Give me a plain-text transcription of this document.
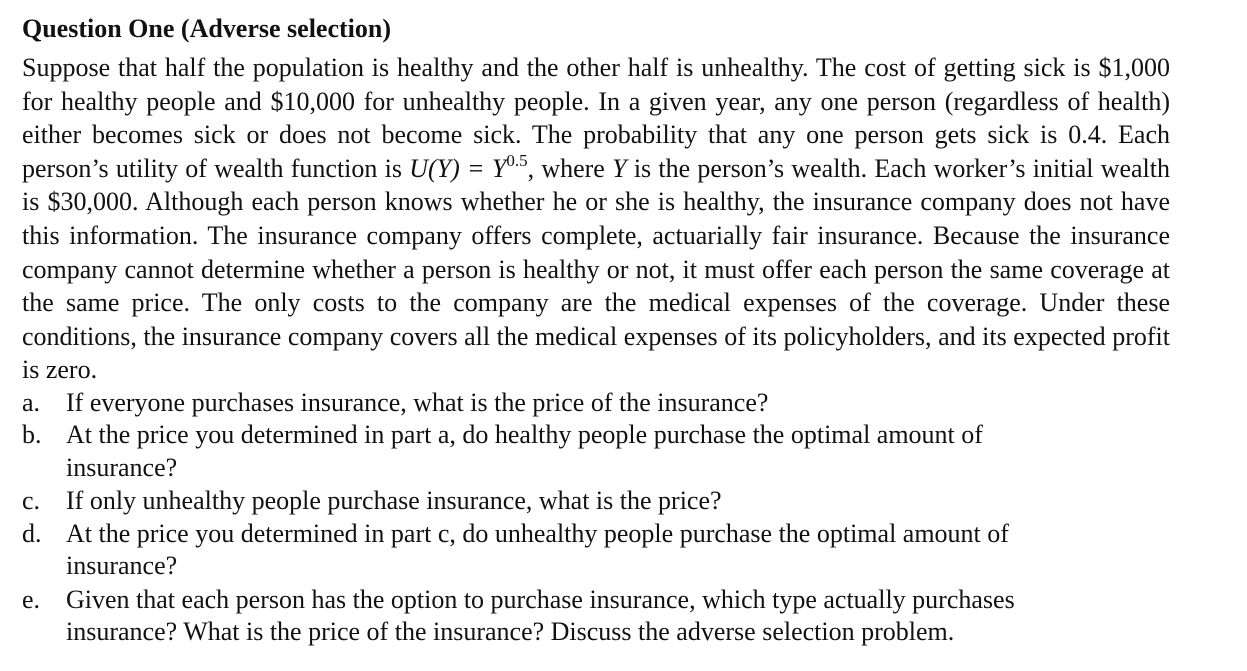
Question One (Adverse selection)

Suppose that half the population is healthy and the other half is unhealthy. The cost of getting sick is $1,000 for healthy people and $10,000 for unhealthy people. In a given year, any one person (regardless of health) either becomes sick or does not become sick. The probability that any one person gets sick is 0.4. Each person’s utility of wealth function is $U(Y) = Y^{0.5}$, where Y is the person’s wealth. Each worker’s initial wealth is $30,000. Although each person knows whether he or she is healthy, the insurance company does not have this information. The insurance company offers complete, actuarially fair insurance. Because the insurance company cannot determine whether a person is healthy or not, it must offer each person the same coverage at the same price. The only costs to the company are the medical expenses of the coverage. Under these conditions, the insurance company covers all the medical expenses of its policyholders, and its expected profit is zero.

a. If everyone purchases insurance, what is the price of the insurance?
b. At the price you determined in part a, do healthy people purchase the optimal amount of insurance?
c. If only unhealthy people purchase insurance, what is the price?
d. At the price you determined in part c, do unhealthy people purchase the optimal amount of insurance?
e. Given that each person has the option to purchase insurance, which type actually purchases insurance? What is the price of the insurance? Discuss the adverse selection problem.
